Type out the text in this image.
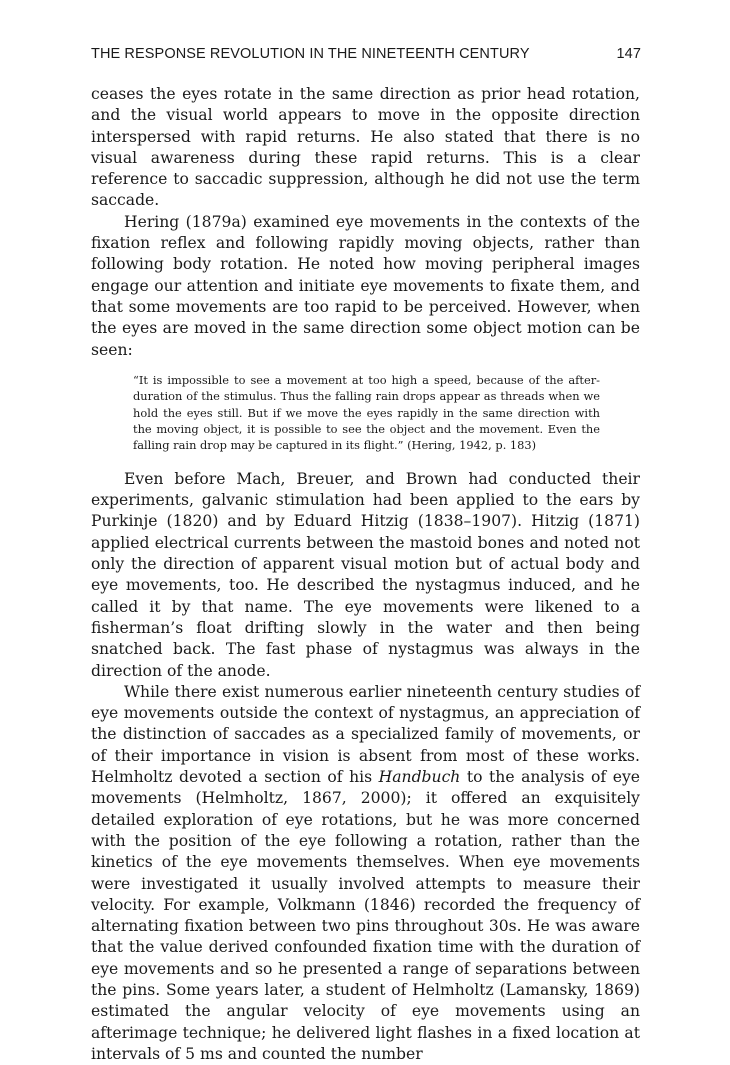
THE RESPONSE REVOLUTION IN THE NINETEENTH CENTURY	147

ceases the eyes rotate in the same direction as prior head rotation, and the visual world appears to move in the opposite direction interspersed with rapid returns. He also stated that there is no visual awareness during these rapid returns. This is a clear reference to saccadic suppression, although he did not use the term saccade.

Hering (1879a) examined eye movements in the contexts of the fixation reflex and following rapidly moving objects, rather than following body rotation. He noted how moving peripheral images engage our attention and initiate eye movements to fixate them, and that some movements are too rapid to be perceived. However, when the eyes are moved in the same direction some object motion can be seen:

“It is impossible to see a movement at too high a speed, because of the after-duration of the stimulus. Thus the falling rain drops appear as threads when we hold the eyes still. But if we move the eyes rapidly in the same direction with the moving object, it is possible to see the object and the movement. Even the falling rain drop may be captured in its flight.” (Hering, 1942, p. 183)

Even before Mach, Breuer, and Brown had conducted their experiments, galvanic stimulation had been applied to the ears by Purkinje (1820) and by Eduard Hitzig (1838–1907). Hitzig (1871) applied electrical currents between the mastoid bones and noted not only the direction of apparent visual motion but of actual body and eye movements, too. He described the nystagmus induced, and he called it by that name. The eye movements were likened to a fisherman’s float drifting slowly in the water and then being snatched back. The fast phase of nystagmus was always in the direction of the anode.

While there exist numerous earlier nineteenth century studies of eye movements outside the context of nystagmus, an appreciation of the distinction of saccades as a specialized family of movements, or of their importance in vision is absent from most of these works. Helmholtz devoted a section of his Handbuch to the analysis of eye movements (Helmholtz, 1867, 2000); it offered an exquisitely detailed exploration of eye rotations, but he was more concerned with the position of the eye following a rotation, rather than the kinetics of the eye movements themselves. When eye movements were investigated it usually involved attempts to measure their velocity. For example, Volkmann (1846) recorded the frequency of alternating fixation between two pins throughout 30s. He was aware that the value derived confounded fixation time with the duration of eye movements and so he presented a range of separations between the pins. Some years later, a student of Helmholtz (Lamansky, 1869) estimated the angular velocity of eye movements using an afterimage technique; he delivered light flashes in a fixed location at intervals of 5 ms and counted the number
